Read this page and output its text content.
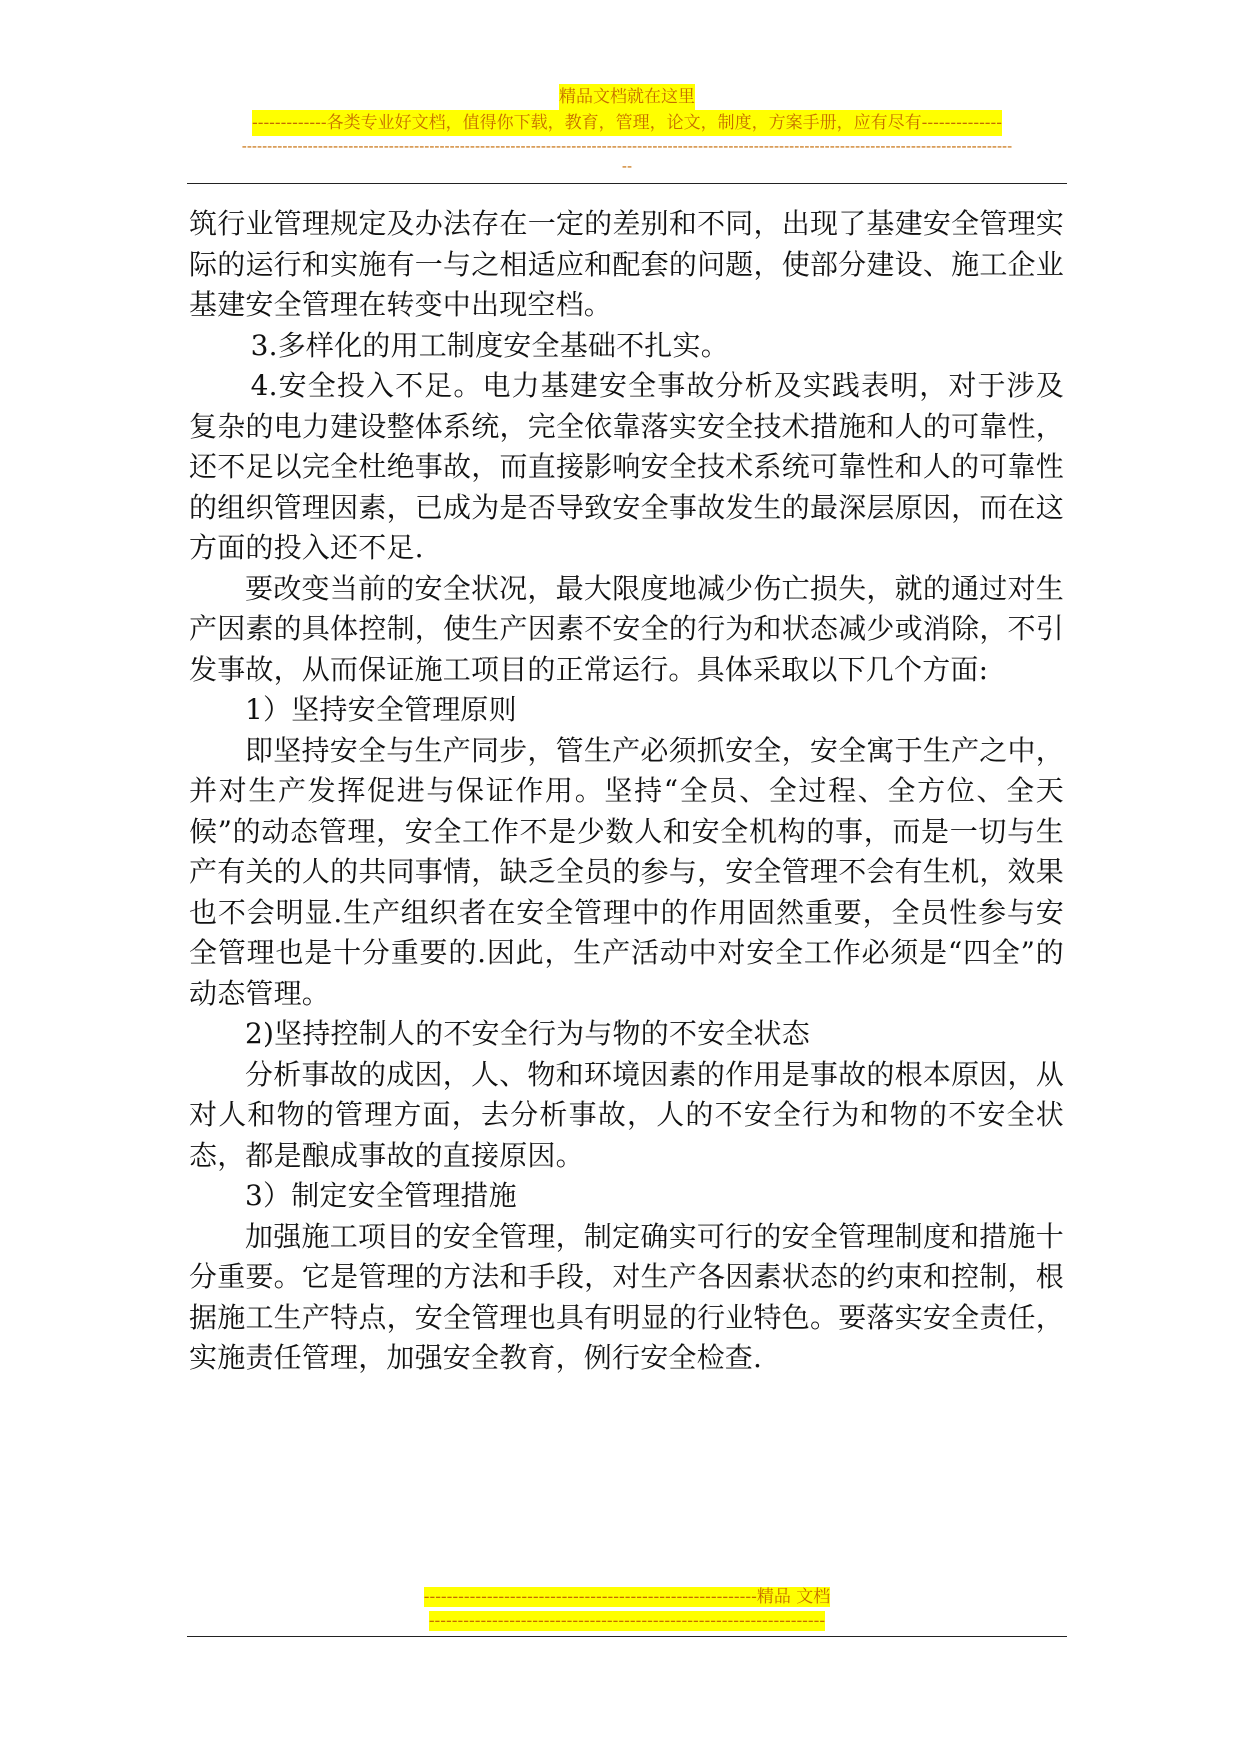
精品文档就在这里
-------------各类专业好文档，值得你下载，教育，管理，论文，制度，方案手册，应有尽有--------------
--------------------------------------------------------------------------------------------------------------------------------------------------------
--

筑行业管理规定及办法存在一定的差别和不同，出现了基建安全管理实际的运行和实施有一与之相适应和配套的问题，使部分建设、施工企业基建安全管理在转变中出现空档。

3.多样化的用工制度安全基础不扎实。

4.安全投入不足。电力基建安全事故分析及实践表明，对于涉及复杂的电力建设整体系统，完全依靠落实安全技术措施和人的可靠性，还不足以完全杜绝事故，而直接影响安全技术系统可靠性和人的可靠性的组织管理因素，已成为是否导致安全事故发生的最深层原因，而在这方面的投入还不足.

要改变当前的安全状况，最大限度地减少伤亡损失，就的通过对生产因素的具体控制，使生产因素不安全的行为和状态减少或消除，不引发事故，从而保证施工项目的正常运行。具体采取以下几个方面:

1）坚持安全管理原则

即坚持安全与生产同步，管生产必须抓安全，安全寓于生产之中，并对生产发挥促进与保证作用。坚持“全员、全过程、全方位、全天候”的动态管理，安全工作不是少数人和安全机构的事，而是一切与生产有关的人的共同事情，缺乏全员的参与，安全管理不会有生机，效果也不会明显.生产组织者在安全管理中的作用固然重要，全员性参与安全管理也是十分重要的.因此，生产活动中对安全工作必须是“四全”的动态管理。

2)坚持控制人的不安全行为与物的不安全状态

分析事故的成因，人、物和环境因素的作用是事故的根本原因，从对人和物的管理方面，去分析事故，人的不安全行为和物的不安全状态，都是酿成事故的直接原因。

3）制定安全管理措施

加强施工项目的安全管理，制定确实可行的安全管理制度和措施十分重要。它是管理的方法和手段，对生产各因素状态的约束和控制，根据施工生产特点，安全管理也具有明显的行业特色。要落实安全责任，实施责任管理，加强安全教育，例行安全检查.

----------------------------------------------------------精品 文档
---------------------------------------------------------------------
